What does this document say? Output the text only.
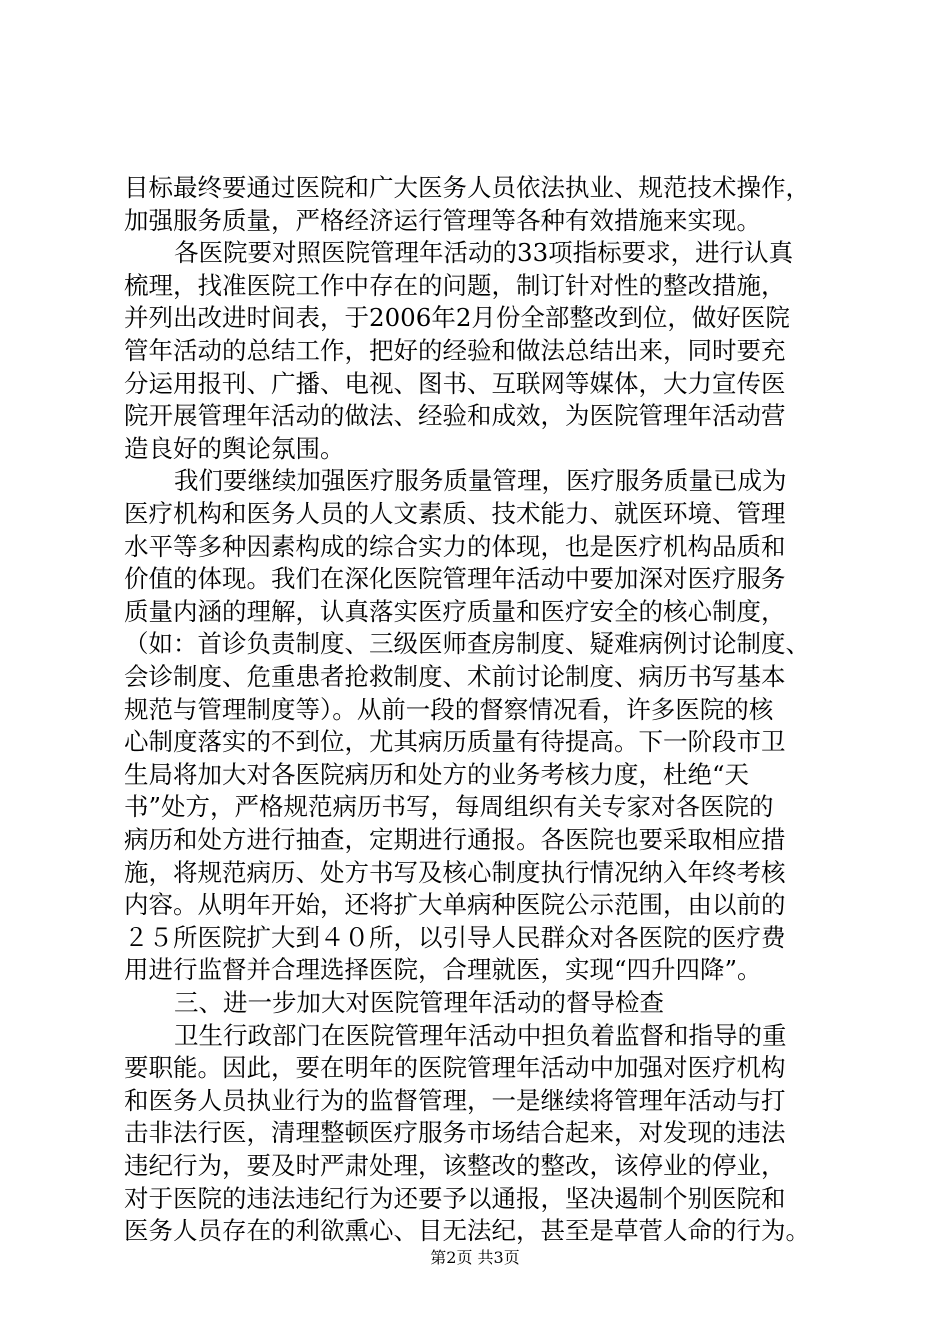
目标最终要通过医院和广大医务人员依法执业、规范技术操作，
加强服务质量，严格经济运行管理等各种有效措施来实现。
各医院要对照医院管理年活动的33项指标要求，进行认真
梳理，找准医院工作中存在的问题，制订针对性的整改措施，
并列出改进时间表，于2006年2月份全部整改到位，做好医院
管年活动的总结工作，把好的经验和做法总结出来，同时要充
分运用报刊、广播、电视、图书、互联网等媒体，大力宣传医
院开展管理年活动的做法、经验和成效，为医院管理年活动营
造良好的舆论氛围。
我们要继续加强医疗服务质量管理，医疗服务质量已成为
医疗机构和医务人员的人文素质、技术能力、就医环境、管理
水平等多种因素构成的综合实力的体现，也是医疗机构品质和
价值的体现。我们在深化医院管理年活动中要加深对医疗服务
质量内涵的理解，认真落实医疗质量和医疗安全的核心制度，
（如：首诊负责制度、三级医师查房制度、疑难病例讨论制度、
会诊制度、危重患者抢救制度、术前讨论制度、病历书写基本
规范与管理制度等）。从前一段的督察情况看，许多医院的核
心制度落实的不到位，尤其病历质量有待提高。下一阶段市卫
生局将加大对各医院病历和处方的业务考核力度，杜绝“天
书”处方，严格规范病历书写，每周组织有关专家对各医院的
病历和处方进行抽查，定期进行通报。各医院也要采取相应措
施，将规范病历、处方书写及核心制度执行情况纳入年终考核
内容。从明年开始，还将扩大单病种医院公示范围，由以前的
２５所医院扩大到４０所，以引导人民群众对各医院的医疗费
用进行监督并合理选择医院，合理就医，实现“四升四降”。
三、进一步加大对医院管理年活动的督导检查
卫生行政部门在医院管理年活动中担负着监督和指导的重
要职能。因此，要在明年的医院管理年活动中加强对医疗机构
和医务人员执业行为的监督管理，一是继续将管理年活动与打
击非法行医，清理整顿医疗服务市场结合起来，对发现的违法
违纪行为，要及时严肃处理，该整改的整改，该停业的停业，
对于医院的违法违纪行为还要予以通报，坚决遏制个别医院和
医务人员存在的利欲熏心、目无法纪，甚至是草菅人命的行为。
第2页 共3页
